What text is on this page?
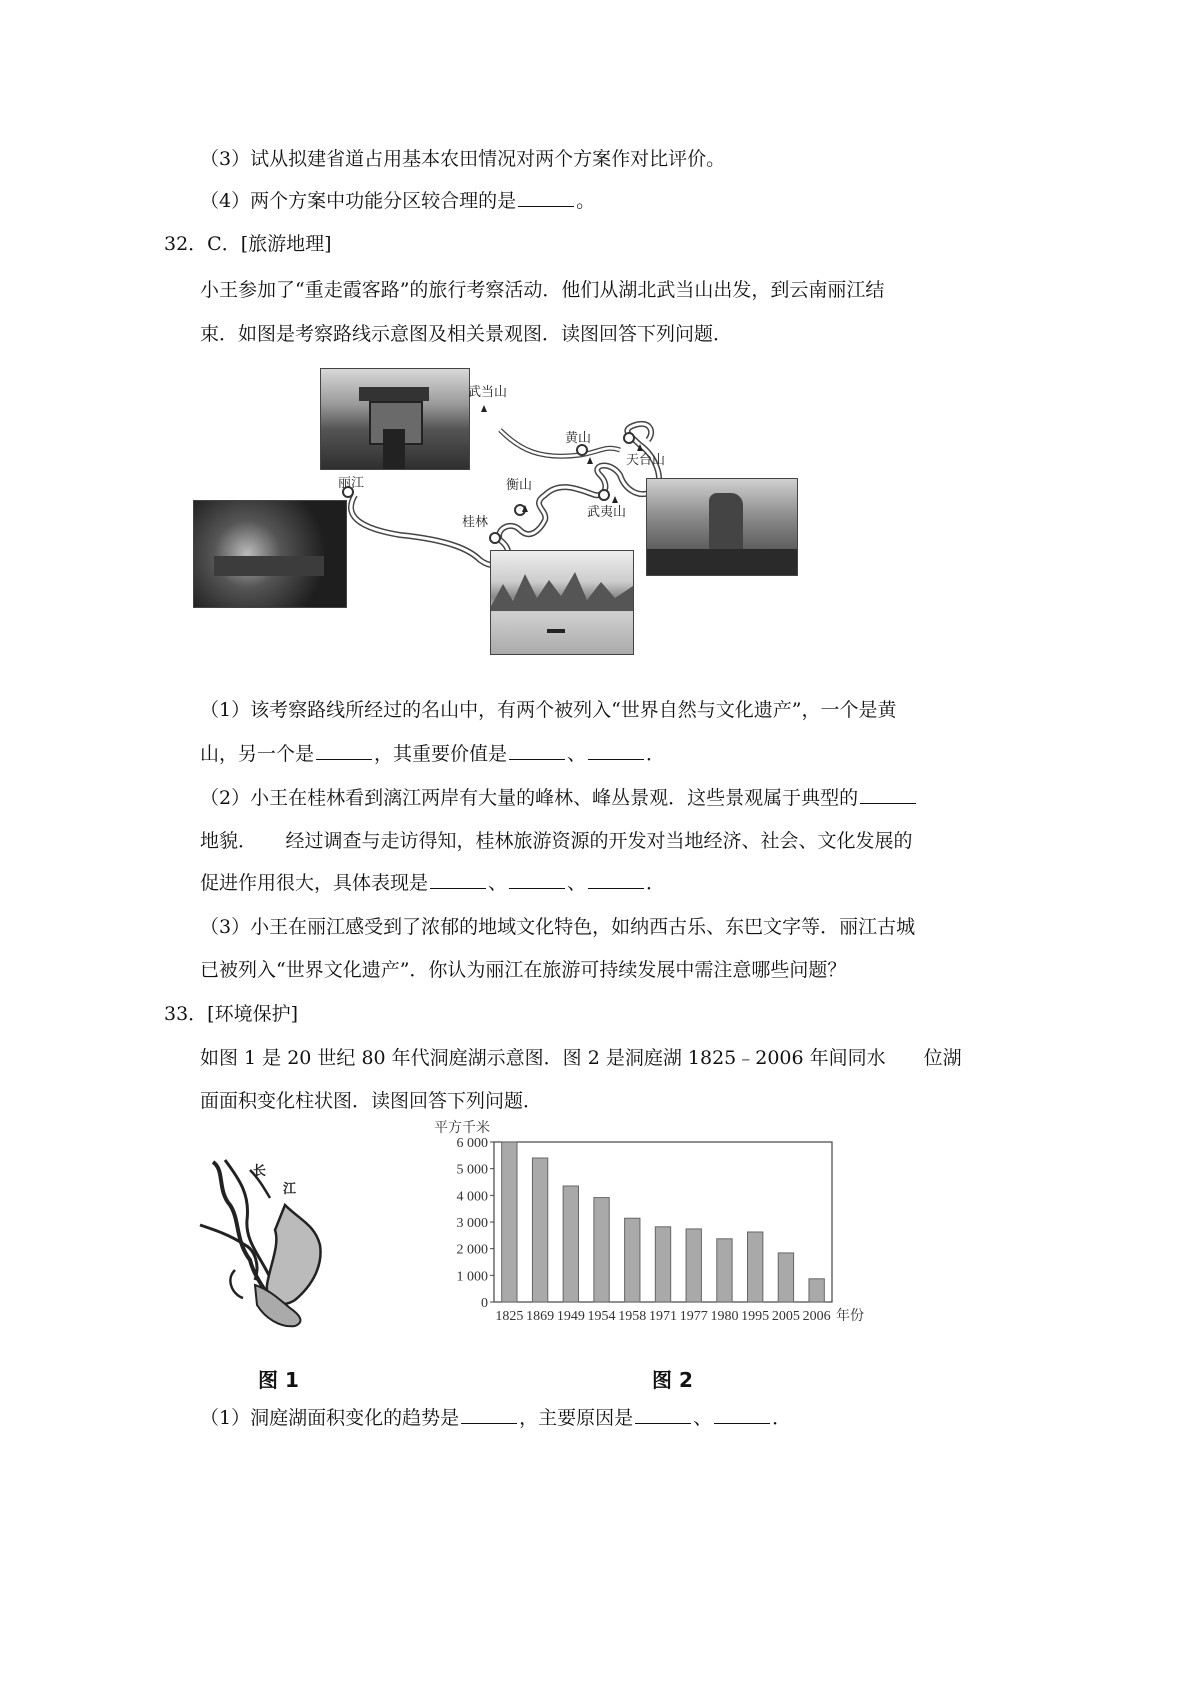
（3）试从拟建省道占用基本农田情况对两个方案作对比评价。
（4）两个方案中功能分区较合理的是	。
32．C．[旅游地理]
小王参加了“重走霞客路”的旅行考察活动．他们从湖北武当山出发，到云南丽江结
束．如图是考察路线示意图及相关景观图．读图回答下列问题．
武当山
黄山
天台山
衡山
武夷山
丽江
桂林
（1）该考察路线所经过的名山中，有两个被列入“世界自然与文化遗产”，一个是黄
山，另一个是	，其重要价值是	、	．
（2）小王在桂林看到漓江两岸有大量的峰林、峰丛景观．这些景观属于典型的
地貌．　　经过调查与走访得知，桂林旅游资源的开发对当地经济、社会、文化发展的
促进作用很大，具体表现是	、	、	．
（3）小王在丽江感受到了浓郁的地域文化特色，如纳西古乐、东巴文字等．丽江古城
已被列入“世界文化遗产”．你认为丽江在旅游可持续发展中需注意哪些问题？
33．[环境保护]
如图 1 是 20 世纪 80 年代洞庭湖示意图．图 2 是洞庭湖 1825﹣2006 年间同水　　位湖
面面积变化柱状图．读图回答下列问题．
长
江
平方千米
0
1 000
2 000
3 000
4 000
5 000
6 000
1825 1869 1949 1954 1958 1971 1977 1980 1995 2005 2006 年份
图 1	图 2
（1）洞庭湖面积变化的趋势是	，主要原因是	、	．
